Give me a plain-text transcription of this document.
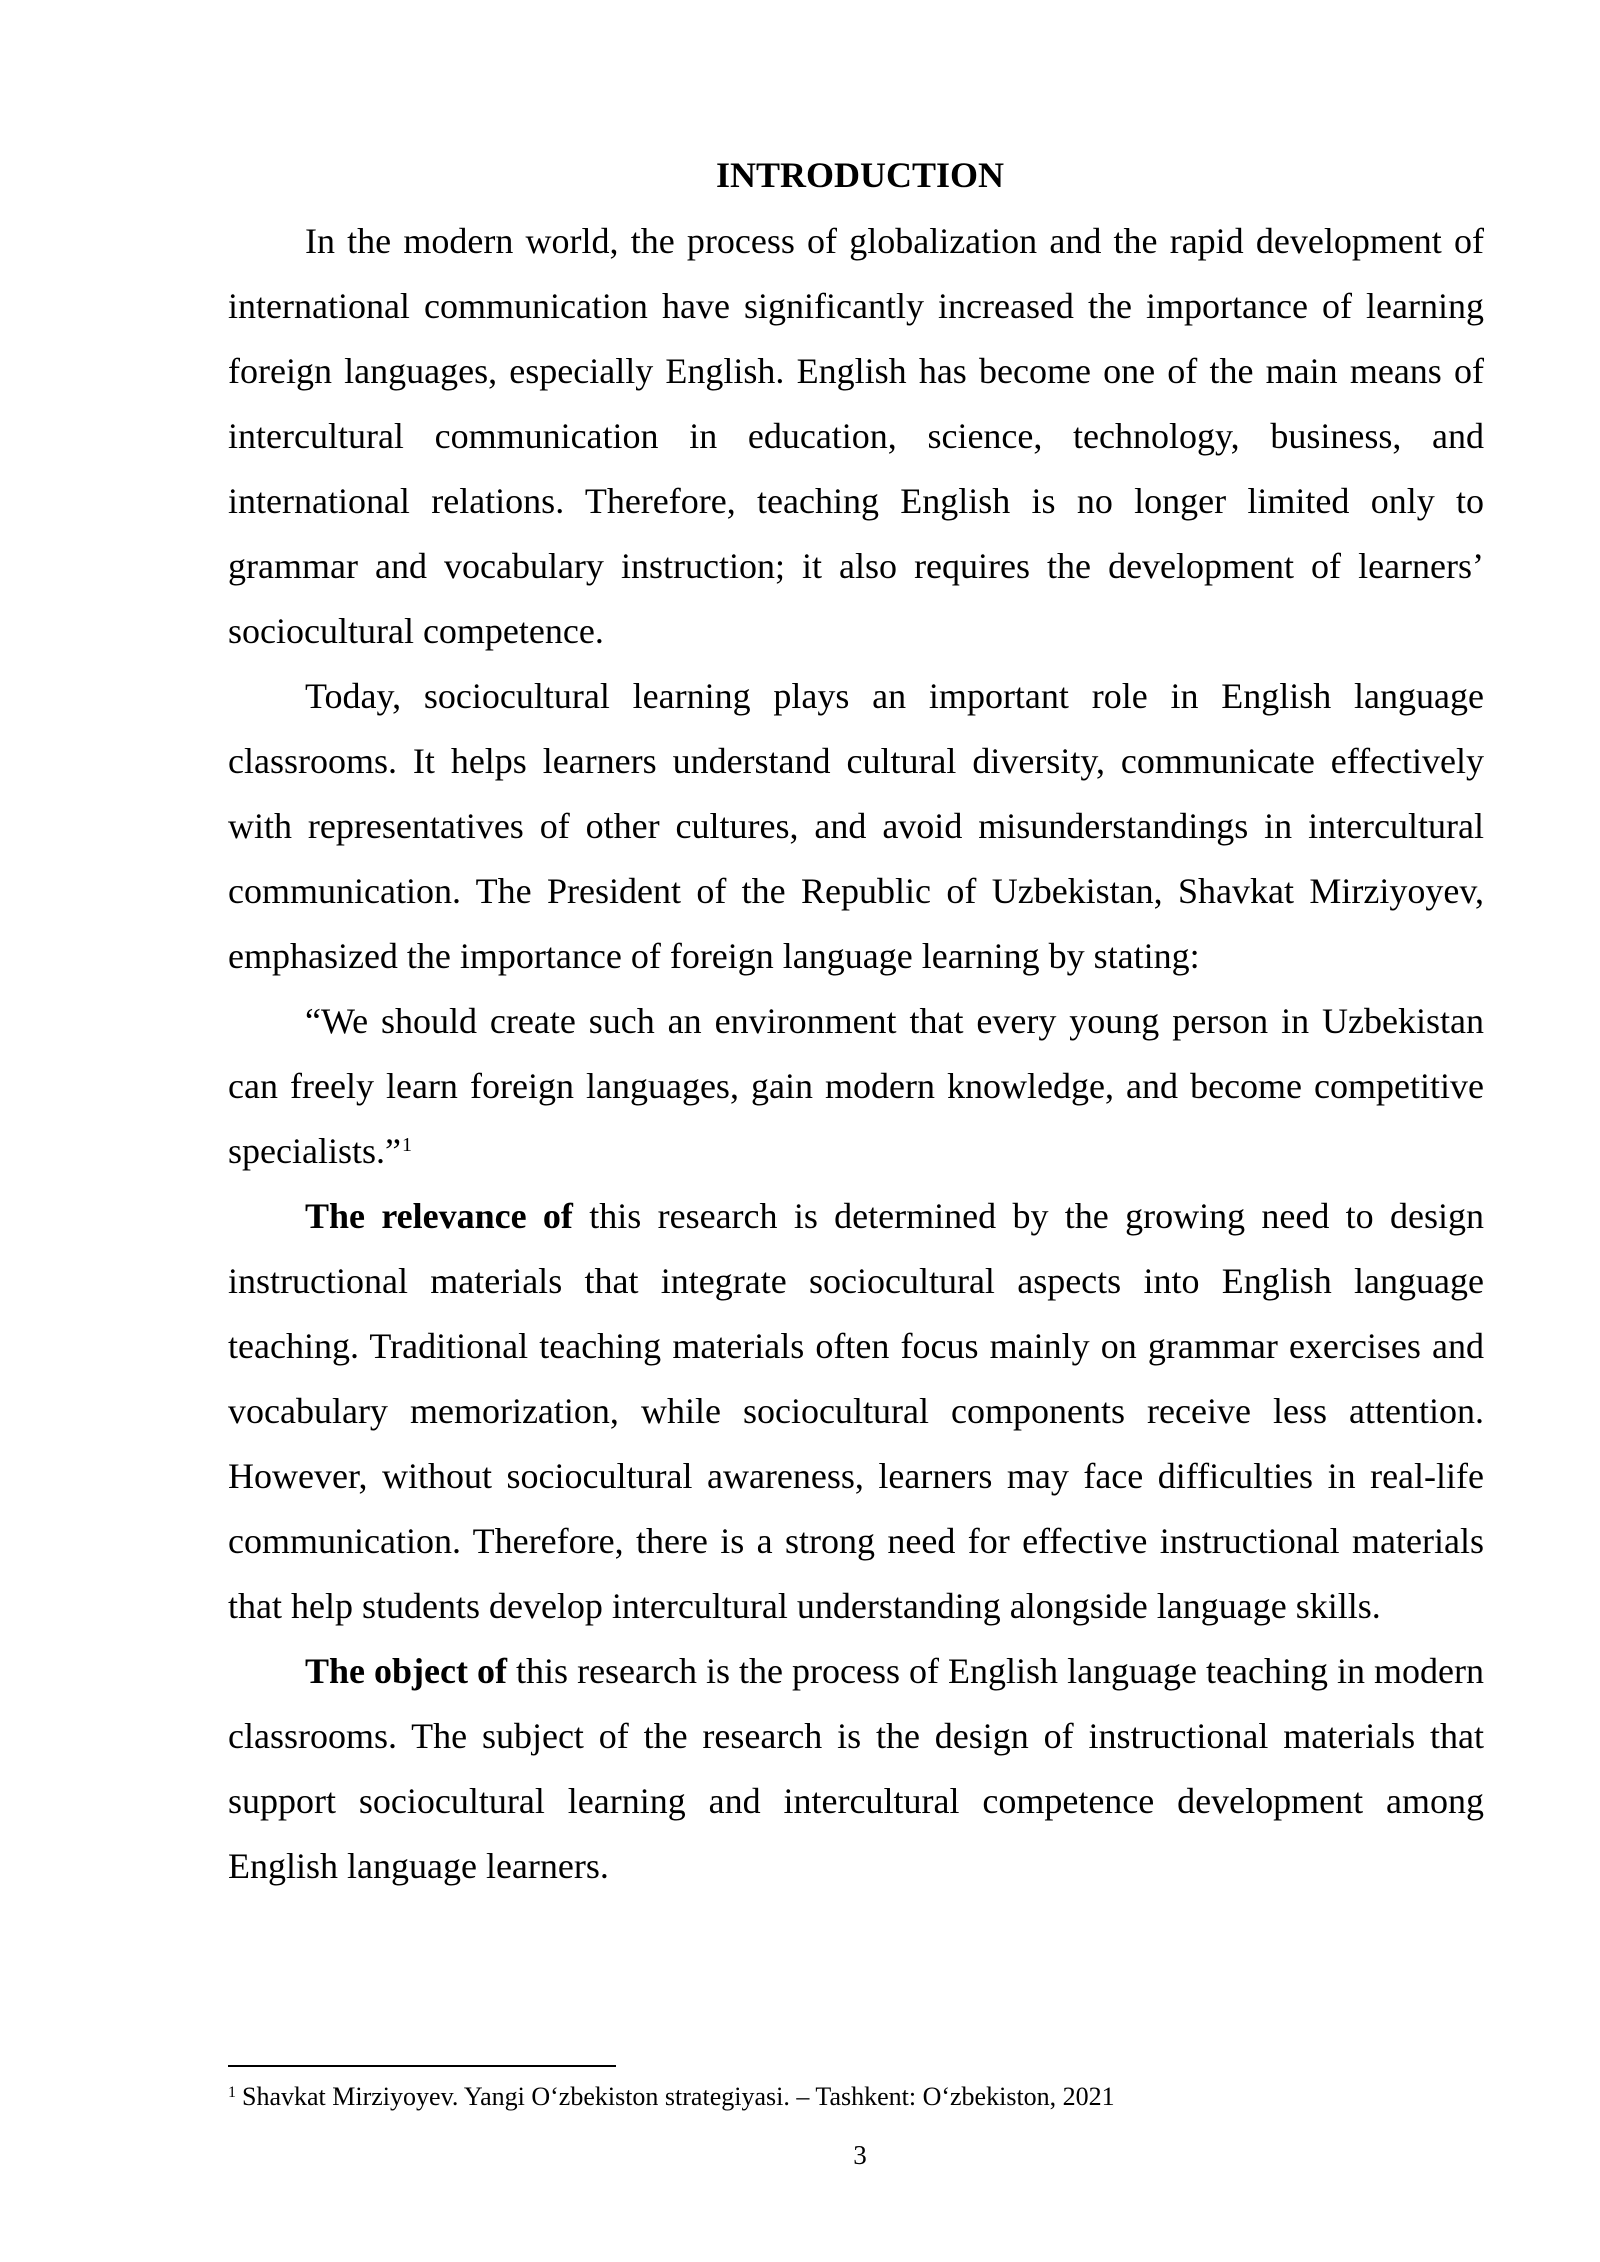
INTRODUCTION

In the modern world, the process of globalization and the rapid development of international communication have significantly increased the importance of learning foreign languages, especially English. English has become one of the main means of intercultural communication in education, science, technology, business, and international relations. Therefore, teaching English is no longer limited only to grammar and vocabulary instruction; it also requires the development of learners’ sociocultural competence.

Today, sociocultural learning plays an important role in English language classrooms. It helps learners understand cultural diversity, communicate effectively with representatives of other cultures, and avoid misunderstandings in intercultural communication. The President of the Republic of Uzbekistan, Shavkat Mirziyoyev, emphasized the importance of foreign language learning by stating:

“We should create such an environment that every young person in Uzbekistan can freely learn foreign languages, gain modern knowledge, and become competitive specialists.”$^1$

The relevance of this research is determined by the growing need to design instructional materials that integrate sociocultural aspects into English language teaching. Traditional teaching materials often focus mainly on grammar exercises and vocabulary memorization, while sociocultural components receive less attention. However, without sociocultural awareness, learners may face difficulties in real-life communication. Therefore, there is a strong need for effective instructional materials that help students develop intercultural understanding alongside language skills.

The object of this research is the process of English language teaching in modern classrooms. The subject of the research is the design of instructional materials that support sociocultural learning and intercultural competence development among English language learners.

$^1$ Shavkat Mirziyoyev. Yangi O‘zbekiston strategiyasi. – Tashkent: O‘zbekiston, 2021
3
